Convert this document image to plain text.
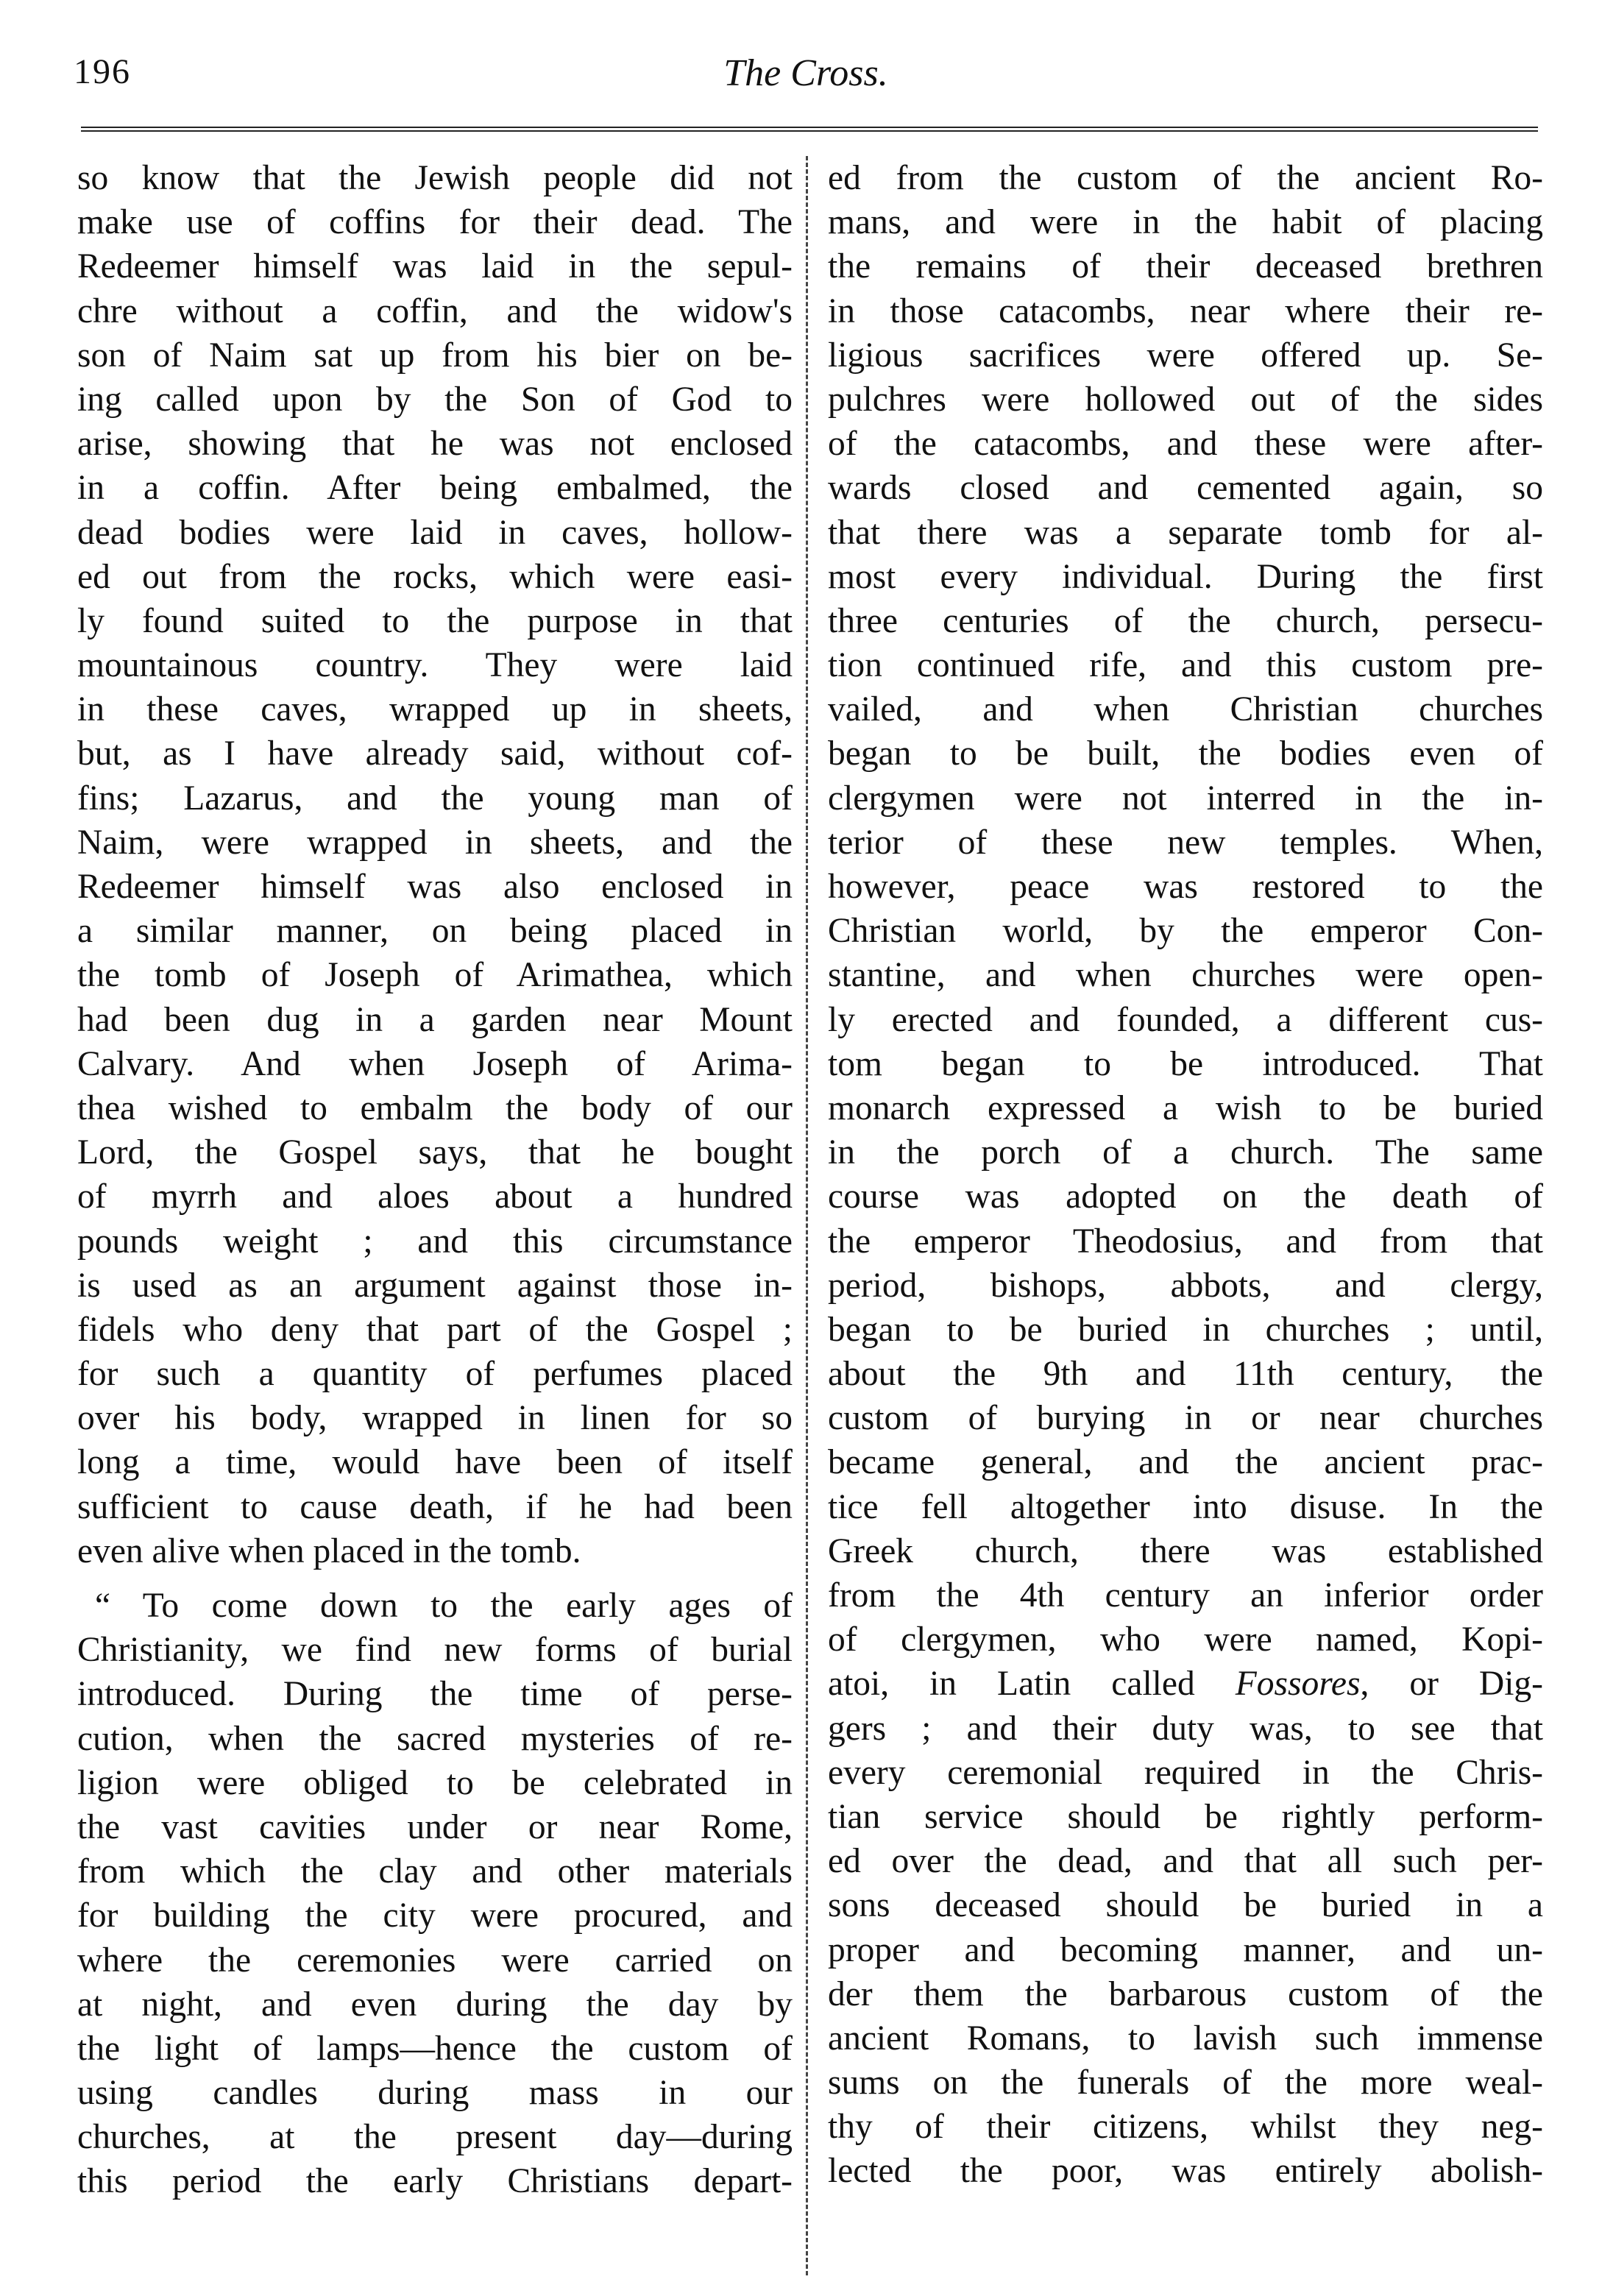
196	The Cross.
so know that the Jewish people did not
make use of coffins for their dead. The
Redeemer himself was laid in the sepul-
chre without a coffin, and the widow's
son of Naim sat up from his bier on be-
ing called upon by the Son of God to
arise, showing that he was not enclosed
in a coffin. After being embalmed, the
dead bodies were laid in caves, hollow-
ed out from the rocks, which were easi-
ly found suited to the purpose in that
mountainous country. They were laid
in these caves, wrapped up in sheets,
but, as I have already said, without cof-
fins; Lazarus, and the young man of
Naim, were wrapped in sheets, and the
Redeemer himself was also enclosed in
a similar manner, on being placed in
the tomb of Joseph of Arimathea, which
had been dug in a garden near Mount
Calvary. And when Joseph of Arima-
thea wished to embalm the body of our
Lord, the Gospel says, that he bought
of myrrh and aloes about a hundred
pounds weight ; and this circumstance
is used as an argument against those in-
fidels who deny that part of the Gospel ;
for such a quantity of perfumes placed
over his body, wrapped in linen for so
long a time, would have been of itself
sufficient to cause death, if he had been
even alive when placed in the tomb.
“ To come down to the early ages of
Christianity, we find new forms of burial
introduced. During the time of perse-
cution, when the sacred mysteries of re-
ligion were obliged to be celebrated in
the vast cavities under or near Rome,
from which the clay and other materials
for building the city were procured, and
where the ceremonies were carried on
at night, and even during the day by
the light of lamps—hence the custom of
using candles during mass in our
churches, at the present day—during
this period the early Christians depart-
ed from the custom of the ancient Ro-
mans, and were in the habit of placing
the remains of their deceased brethren
in those catacombs, near where their re-
ligious sacrifices were offered up. Se-
pulchres were hollowed out of the sides
of the catacombs, and these were after-
wards closed and cemented again, so
that there was a separate tomb for al-
most every individual. During the first
three centuries of the church, persecu-
tion continued rife, and this custom pre-
vailed, and when Christian churches
began to be built, the bodies even of
clergymen were not interred in the in-
terior of these new temples. When,
however, peace was restored to the
Christian world, by the emperor Con-
stantine, and when churches were open-
ly erected and founded, a different cus-
tom began to be introduced. That
monarch expressed a wish to be buried
in the porch of a church. The same
course was adopted on the death of
the emperor Theodosius, and from that
period, bishops, abbots, and clergy,
began to be buried in churches ; until,
about the 9th and 11th century, the
custom of burying in or near churches
became general, and the ancient prac-
tice fell altogether into disuse. In the
Greek church, there was established
from the 4th century an inferior order
of clergymen, who were named, Kopi-
atoi, in Latin called Fossores, or Dig-
gers ; and their duty was, to see that
every ceremonial required in the Chris-
tian service should be rightly perform-
ed over the dead, and that all such per-
sons deceased should be buried in a
proper and becoming manner, and un-
der them the barbarous custom of the
ancient Romans, to lavish such immense
sums on the funerals of the more weal-
thy of their citizens, whilst they neg-
lected the poor, was entirely abolish-
